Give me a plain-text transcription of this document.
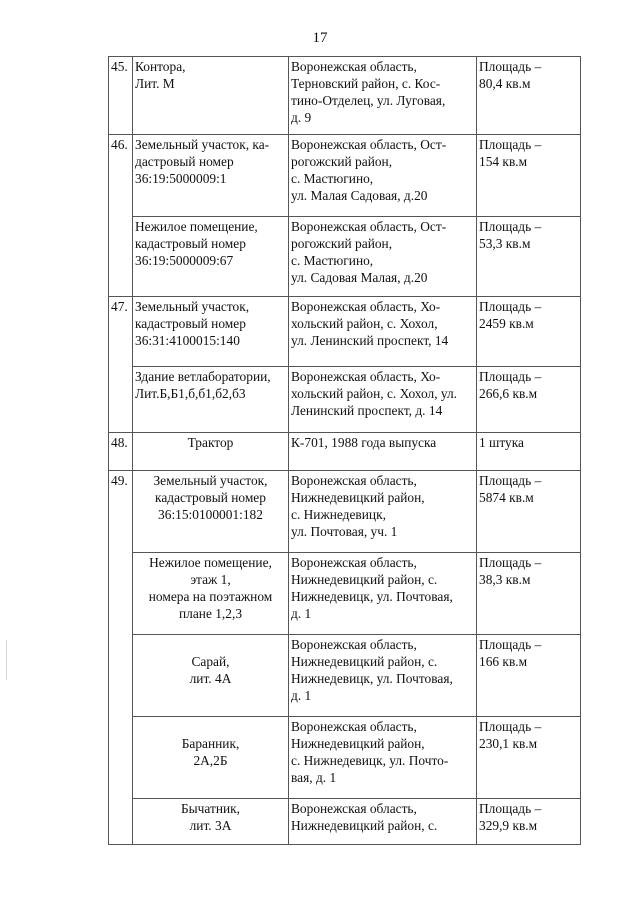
17
45.	Контора,
Лит. М	Воронежская область,
Терновский район, с. Кос-
тино-Отделец, ул. Луговая,
д. 9	Площадь –
80,4 кв.м
46.	Земельный участок, ка-
дастровый номер
36:19:5000009:1	Воронежская область, Ост-
рогожский район,
с. Мастюгино,
ул. Малая Садовая, д.20	Площадь –
154 кв.м
	Нежилое помещение,
кадастровый номер
36:19:5000009:67	Воронежская область, Ост-
рогожский район,
с. Мастюгино,
ул. Садовая Малая, д.20	Площадь –
53,3 кв.м
47.	Земельный участок,
кадастровый номер
36:31:4100015:140	Воронежская область, Хо-
хольский район, с. Хохол,
ул. Ленинский проспект, 14	Площадь –
2459 кв.м
	Здание ветлаборатории,
Лит.Б,Б1,б,б1,б2,б3	Воронежская область, Хо-
хольский район, с. Хохол, ул.
Ленинский проспект, д. 14	Площадь –
266,6 кв.м
48.	Трактор	К-701, 1988 года выпуска	1 штука
49.	Земельный участок,
кадастровый номер
36:15:0100001:182	Воронежская область,
Нижнедевицкий район,
с. Нижнедевицк,
ул. Почтовая, уч. 1	Площадь –
5874 кв.м
	Нежилое помещение,
этаж 1,
номера на поэтажном
плане 1,2,3	Воронежская область,
Нижнедевицкий район, с.
Нижнедевицк, ул. Почтовая,
д. 1	Площадь –
38,3 кв.м
	Сарай,
лит. 4А	Воронежская область,
Нижнедевицкий район, с.
Нижнедевицк, ул. Почтовая,
д. 1	Площадь –
166 кв.м
	Баранник,
2А,2Б	Воронежская область,
Нижнедевицкий район,
с. Нижнедевицк, ул. Почто-
вая, д. 1	Площадь –
230,1 кв.м
	Бычатник,
лит. 3А	Воронежская область,
Нижнедевицкий район, с.	Площадь –
329,9 кв.м
